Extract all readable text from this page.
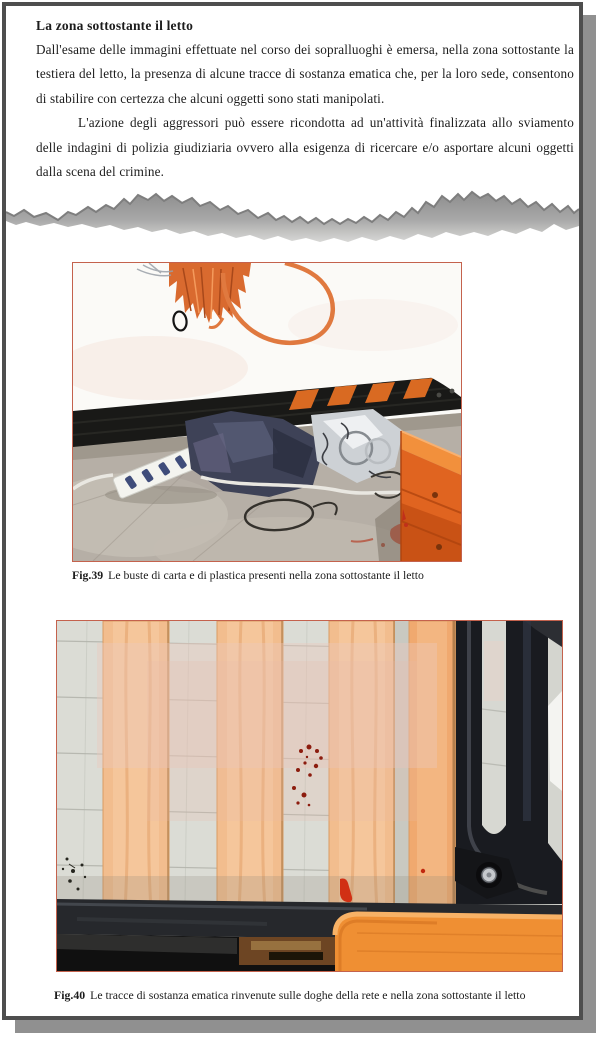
La zona sottostante il letto

Dall'esame delle immagini effettuate nel corso dei sopralluoghi è emersa, nella zona sottostante la testiera del letto, la presenza di alcune tracce di sostanza ematica che, per la loro sede, consentono di stabilire con certezza che alcuni oggetti sono stati manipolati.

L'azione degli aggressori può essere ricondotta ad un'attività finalizzata allo sviamento delle indagini di polizia giudiziaria ovvero alla esigenza di ricercare e/o asportare alcuni oggetti dalla scena del crimine.

Fig.39 Le buste di carta e di plastica presenti nella zona sottostante il letto
Fig.40 Le tracce di sostanza ematica rinvenute sulle doghe della rete e nella zona sottostante il letto
